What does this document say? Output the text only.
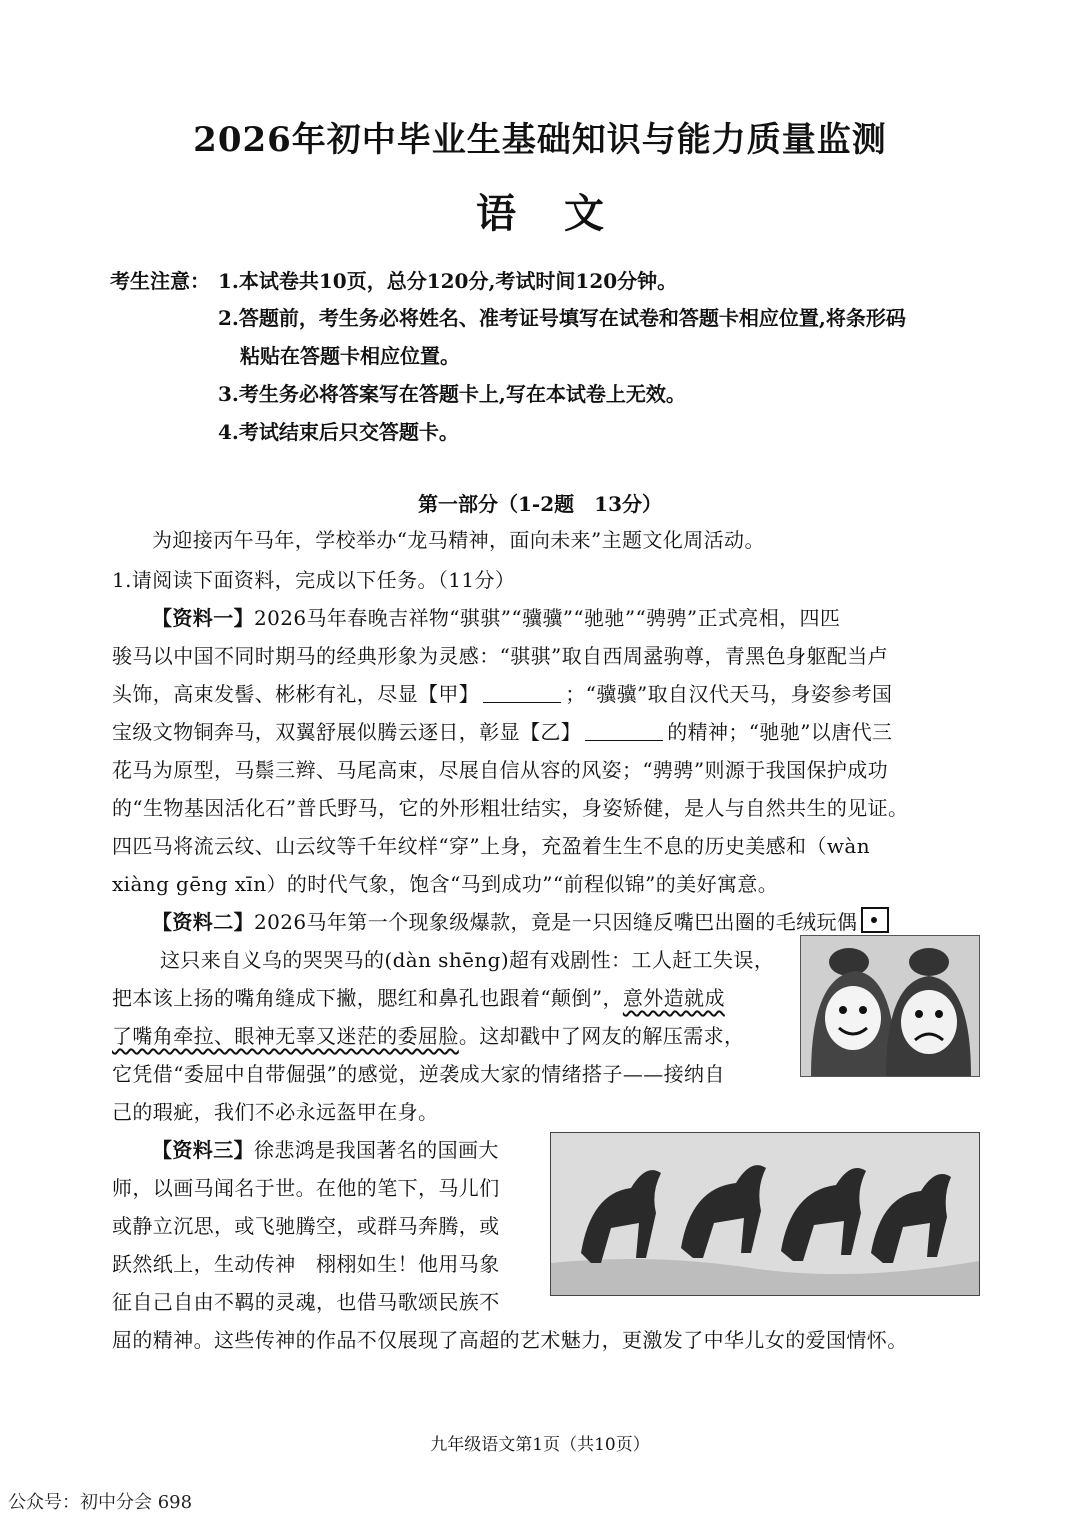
2026年初中毕业生基础知识与能力质量监测
语文
考生注意： 1.本试卷共10页，总分120分,考试时间120分钟。
2.答题前，考生务必将姓名、准考证号填写在试卷和答题卡相应位置,将条形码
粘贴在答题卡相应位置。
3.考生务必将答案写在答题卡上,写在本试卷上无效。
4.考试结束后只交答题卡。
第一部分（1-2题　13分）
为迎接丙午马年，学校举办“龙马精神，面向未来”主题文化周活动。
1.请阅读下面资料，完成以下任务。（11分）
【资料一】2026马年春晚吉祥物“骐骐”“骥骥”“驰驰”“骋骋”正式亮相，四匹
骏马以中国不同时期马的经典形象为灵感：“骐骐”取自西周盝驹尊，青黑色身躯配当卢
头饰，高束发髻、彬彬有礼，尽显【甲】	；“骥骥”取自汉代天马，身姿参考国
宝级文物铜奔马，双翼舒展似腾云逐日，彰显【乙】	的精神；“驰驰”以唐代三
花马为原型，马鬃三辫、马尾高束，尽展自信从容的风姿；“骋骋”则源于我国保护成功
的“生物基因活化石”普氏野马，它的外形粗壮结实，身姿矫健，是人与自然共生的见证。
四匹马将流云纹、山云纹等千年纹样“穿”上身，充盈着生生不息的历史美感和（wàn
xiàng gēng xīn）的时代气象，饱含“马到成功”“前程似锦”的美好寓意。
【资料二】2026马年第一个现象级爆款，竟是一只因缝反嘴巴出圈的毛绒玩偶
这只来自义乌的哭哭马的(dàn shēng)超有戏剧性：工人赶工失误，
把本该上扬的嘴角缝成下撇，腮红和鼻孔也跟着“颠倒”，意外造就成
了嘴角牵拉、眼神无辜又迷茫的委屈脸。这却戳中了网友的解压需求，
它凭借“委屈中自带倔强”的感觉，逆袭成大家的情绪搭子——接纳自
己的瑕疵，我们不必永远盔甲在身。
【资料三】徐悲鸿是我国著名的国画大
师，以画马闻名于世。在他的笔下，马儿们
或静立沉思，或飞驰腾空，或群马奔腾，或
跃然纸上，生动传神　栩栩如生！他用马象
征自己自由不羁的灵魂，也借马歌颂民族不
屈的精神。这些传神的作品不仅展现了高超的艺术魅力，更激发了中华儿女的爱国情怀。
九年级语文第1页（共10页）
公众号：初中分会 698
